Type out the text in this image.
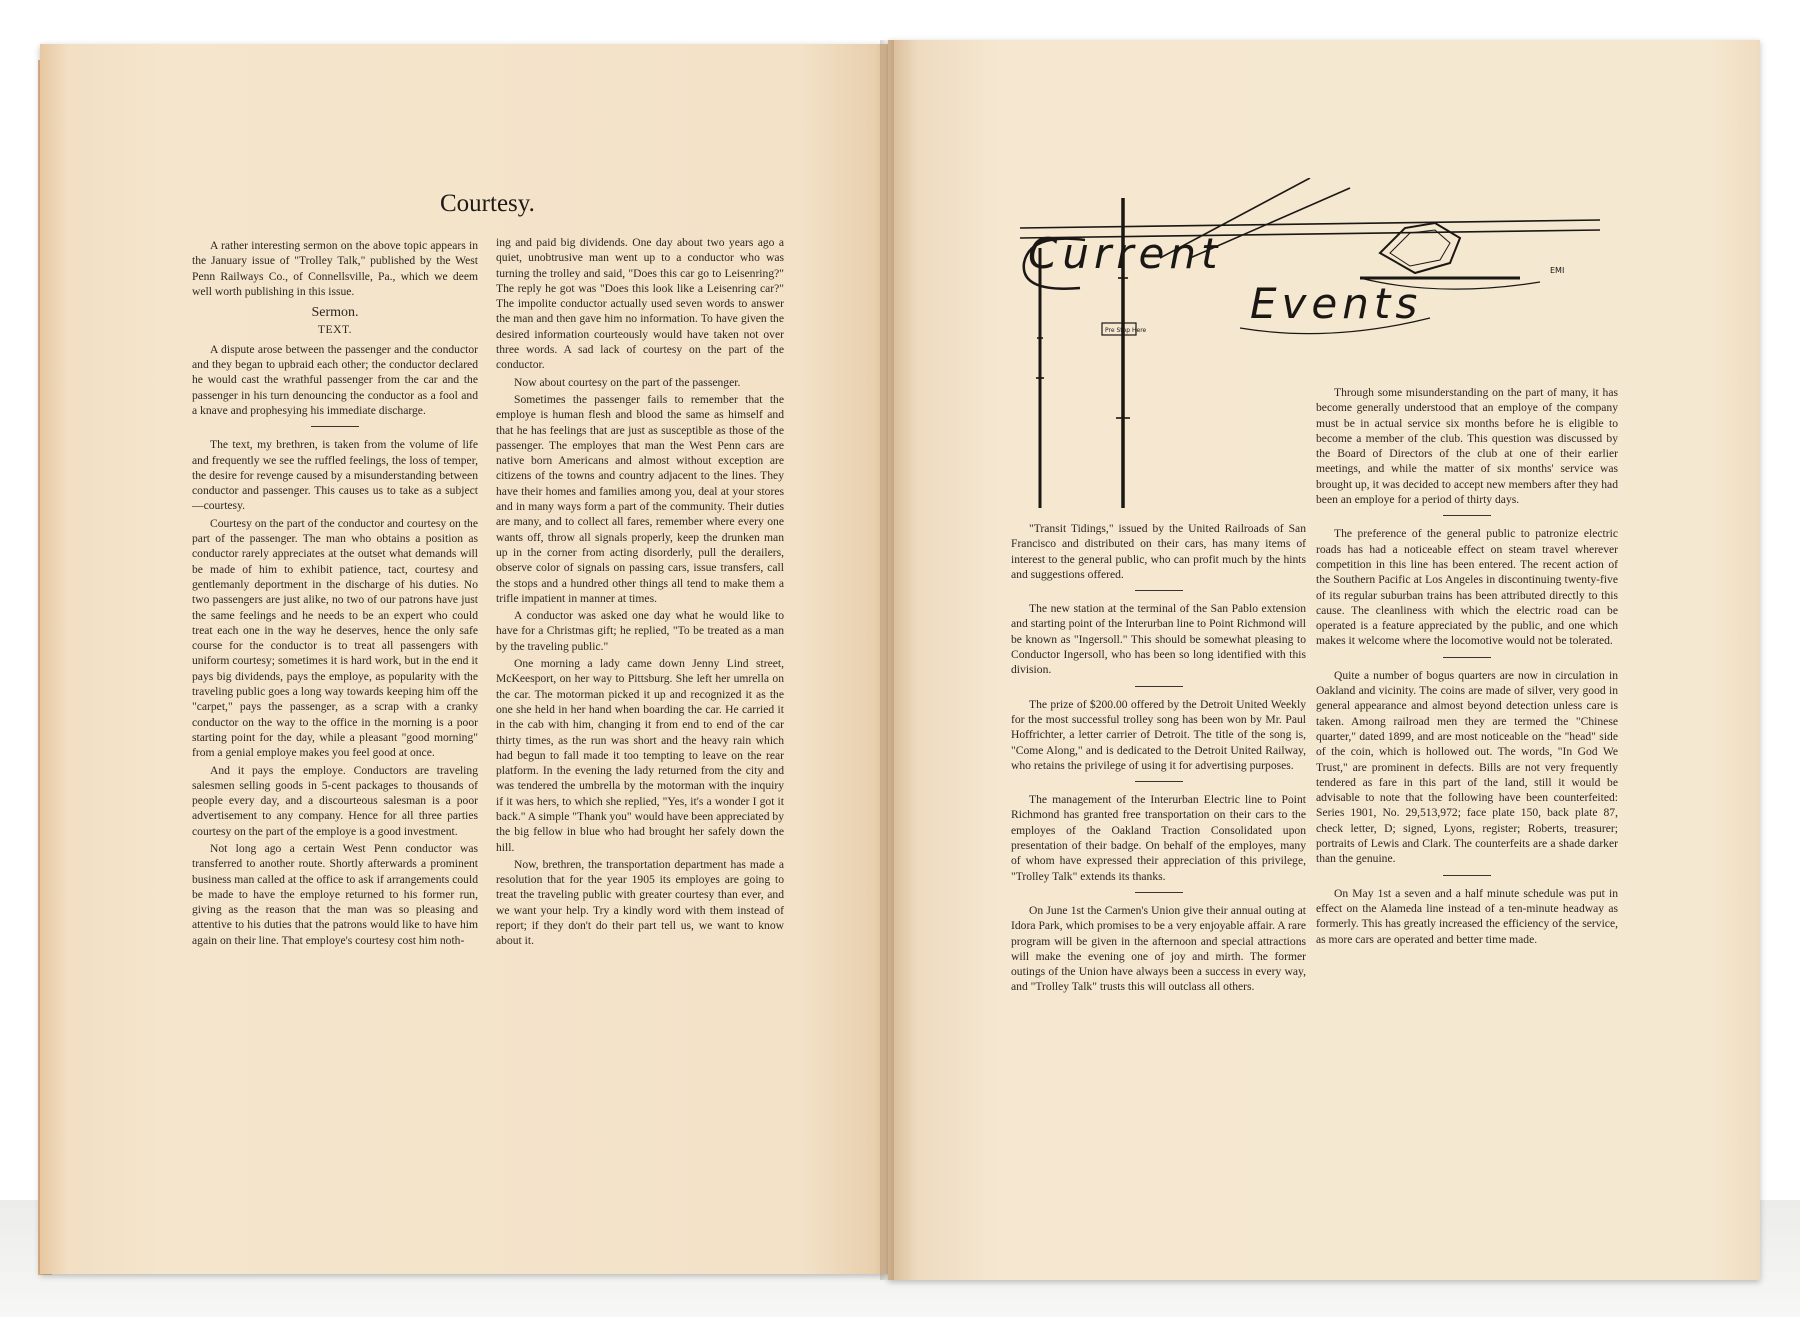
Courtesy.

A rather interesting sermon on the above topic appears in the January issue of "Trolley Talk," published by the West Penn Railways Co., of Connellsville, Pa., which we deem well worth publishing in this issue.

Sermon.
TEXT.

A dispute arose between the passenger and the conductor and they began to upbraid each other; the conductor declared he would cast the wrathful passenger from the car and the passenger in his turn denouncing the conductor as a fool and a knave and prophesying his immediate discharge.

The text, my brethren, is taken from the volume of life and frequently we see the ruffled feelings, the loss of temper, the desire for revenge caused by a misunderstanding between conductor and passenger. This causes us to take as a subject—courtesy.

Courtesy on the part of the conductor and courtesy on the part of the passenger. The man who obtains a position as conductor rarely appreciates at the outset what demands will be made of him to exhibit patience, tact, courtesy and gentlemanly deportment in the discharge of his duties. No two passengers are just alike, no two of our patrons have just the same feelings and he needs to be an expert who could treat each one in the way he deserves, hence the only safe course for the conductor is to treat all passengers with uniform courtesy; sometimes it is hard work, but in the end it pays big dividends, pays the employe, as popularity with the traveling public goes a long way towards keeping him off the "carpet," pays the passenger, as a scrap with a cranky conductor on the way to the office in the morning is a poor starting point for the day, while a pleasant "good morning" from a genial employe makes you feel good at once.

And it pays the employe. Conductors are traveling salesmen selling goods in 5-cent packages to thousands of people every day, and a discourteous salesman is a poor advertisement to any company. Hence for all three parties courtesy on the part of the employe is a good investment.

Not long ago a certain West Penn conductor was transferred to another route. Shortly afterwards a prominent business man called at the office to ask if arrangements could be made to have the employe returned to his former run, giving as the reason that the man was so pleasing and attentive to his duties that the patrons would like to have him again on their line. That employe's courtesy cost him noth-

ing and paid big dividends. One day about two years ago a quiet, unobtrusive man went up to a conductor who was turning the trolley and said, "Does this car go to Leisenring?" The reply he got was "Does this look like a Leisenring car?" The impolite conductor actually used seven words to answer the man and then gave him no information. To have given the desired information courteously would have taken not over three words. A sad lack of courtesy on the part of the conductor.

Now about courtesy on the part of the passenger.

Sometimes the passenger fails to remember that the employe is human flesh and blood the same as himself and that he has feelings that are just as susceptible as those of the passenger. The employes that man the West Penn cars are native born Americans and almost without exception are citizens of the towns and country adjacent to the lines. They have their homes and families among you, deal at your stores and in many ways form a part of the community. Their duties are many, and to collect all fares, remember where every one wants off, throw all signals properly, keep the drunken man up in the corner from acting disorderly, pull the derailers, observe color of signals on passing cars, issue transfers, call the stops and a hundred other things all tend to make them a trifle impatient in manner at times.

A conductor was asked one day what he would like to have for a Christmas gift; he replied, "To be treated as a man by the traveling public."

One morning a lady came down Jenny Lind street, McKeesport, on her way to Pittsburg. She left her umrella on the car. The motorman picked it up and recognized it as the one she held in her hand when boarding the car. He carried it in the cab with him, changing it from end to end of the car thirty times, as the run was short and the heavy rain which had begun to fall made it too tempting to leave on the rear platform. In the evening the lady returned from the city and was tendered the umbrella by the motorman with the inquiry if it was hers, to which she replied, "Yes, it's a wonder I got it back." A simple "Thank you" would have been appreciated by the big fellow in blue who had brought her safely down the hill.

Now, brethren, the transportation department has made a resolution that for the year 1905 its employes are going to treat the traveling public with greater courtesy than ever, and we want your help. Try a kindly word with them instead of report; if they don't do their part tell us, we want to know about it.

Current
Events
Pre Stop Here
EMI

"Transit Tidings," issued by the United Railroads of San Francisco and distributed on their cars, has many items of interest to the general public, who can profit much by the hints and suggestions offered.

The new station at the terminal of the San Pablo extension and starting point of the Interurban line to Point Richmond will be known as "Ingersoll." This should be somewhat pleasing to Conductor Ingersoll, who has been so long identified with this division.

The prize of $200.00 offered by the Detroit United Weekly for the most successful trolley song has been won by Mr. Paul Hoffrichter, a letter carrier of Detroit. The title of the song is, "Come Along," and is dedicated to the Detroit United Railway, who retains the privilege of using it for advertising purposes.

The management of the Interurban Electric line to Point Richmond has granted free transportation on their cars to the employes of the Oakland Traction Consolidated upon presentation of their badge. On behalf of the employes, many of whom have expressed their appreciation of this privilege, "Trolley Talk" extends its thanks.

On June 1st the Carmen's Union give their annual outing at Idora Park, which promises to be a very enjoyable affair. A rare program will be given in the afternoon and special attractions will make the evening one of joy and mirth. The former outings of the Union have always been a success in every way, and "Trolley Talk" trusts this will outclass all others.

Through some misunderstanding on the part of many, it has become generally understood that an employe of the company must be in actual service six months before he is eligible to become a member of the club. This question was discussed by the Board of Directors of the club at one of their earlier meetings, and while the matter of six months' service was brought up, it was decided to accept new members after they had been an employe for a period of thirty days.

The preference of the general public to patronize electric roads has had a noticeable effect on steam travel wherever competition in this line has been entered. The recent action of the Southern Pacific at Los Angeles in discontinuing twenty-five of its regular suburban trains has been attributed directly to this cause. The cleanliness with which the electric road can be operated is a feature appreciated by the public, and one which makes it welcome where the locomotive would not be tolerated.

Quite a number of bogus quarters are now in circulation in Oakland and vicinity. The coins are made of silver, very good in general appearance and almost beyond detection unless care is taken. Among railroad men they are termed the "Chinese quarter," dated 1899, and are most noticeable on the "head" side of the coin, which is hollowed out. The words, "In God We Trust," are prominent in defects. Bills are not very frequently tendered as fare in this part of the land, still it would be advisable to note that the following have been counterfeited: Series 1901, No. 29,513,972; face plate 150, back plate 87, check letter, D; signed, Lyons, register; Roberts, treasurer; portraits of Lewis and Clark. The counterfeits are a shade darker than the genuine.

On May 1st a seven and a half minute schedule was put in effect on the Alameda line instead of a ten-minute headway as formerly. This has greatly increased the efficiency of the service, as more cars are operated and better time made.
